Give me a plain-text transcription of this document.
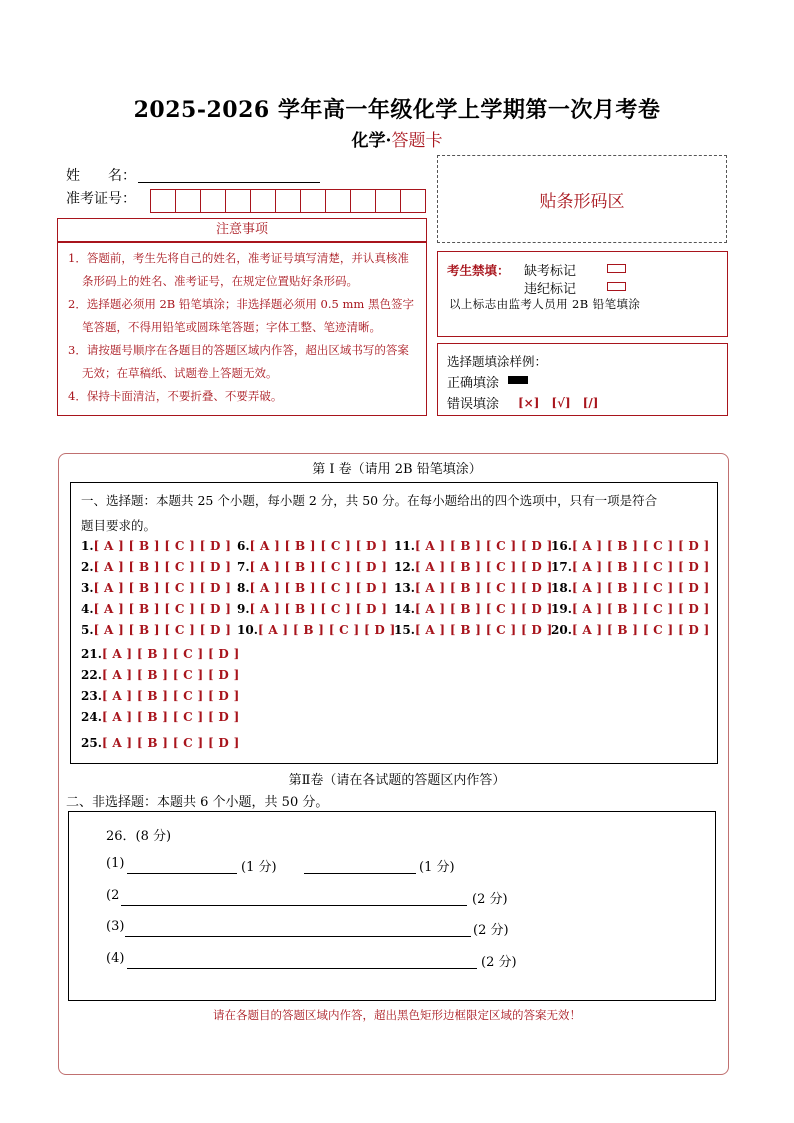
2025-2026 学年高一年级化学上学期第一次月考卷
化学·答题卡
姓　　名：
准考证号：	贴条形码区
注意事项

1．答题前，考生先将自己的姓名，准考证号填写清楚，并认真核准条形码上的姓名、准考证号，在规定位置贴好条形码。

2．选择题必须用 2B 铅笔填涂；非选择题必须用 0.5 mm 黑色签字笔答题，不得用铅笔或圆珠笔答题；字体工整、笔迹清晰。

3．请按题号顺序在各题目的答题区域内作答，超出区域书写的答案无效；在草稿纸、试题卷上答题无效。

4．保持卡面清洁，不要折叠、不要弄破。

考生禁填： 缺考标记
违纪标记
以上标志由监考人员用 2B 铅笔填涂
选择题填涂样例：
正确填涂
错误填涂 [×]　[√]　[/]
第 I 卷（请用 2B 铅笔填涂）
一、选择题：本题共 25 个小题，每小题 2 分，共 50 分。在每小题给出的四个选项中，只有一项是符合
题目要求的。
1.[ A ] [ B ] [ C ] [ D ]
2.[ A ] [ B ] [ C ] [ D ]
3.[ A ] [ B ] [ C ] [ D ]
4.[ A ] [ B ] [ C ] [ D ]
5.[ A ] [ B ] [ C ] [ D ]
6.[ A ] [ B ] [ C ] [ D ]
7.[ A ] [ B ] [ C ] [ D ]
8.[ A ] [ B ] [ C ] [ D ]
9.[ A ] [ B ] [ C ] [ D ]
10.[ A ] [ B ] [ C ] [ D ]
11.[ A ] [ B ] [ C ] [ D ]
12.[ A ] [ B ] [ C ] [ D ]
13.[ A ] [ B ] [ C ] [ D ]
14.[ A ] [ B ] [ C ] [ D ]
15.[ A ] [ B ] [ C ] [ D ]
16.[ A ] [ B ] [ C ] [ D ]
17.[ A ] [ B ] [ C ] [ D ]
18.[ A ] [ B ] [ C ] [ D ]
19.[ A ] [ B ] [ C ] [ D ]
20.[ A ] [ B ] [ C ] [ D ]
21.[ A ] [ B ] [ C ] [ D ]
22.[ A ] [ B ] [ C ] [ D ]
23.[ A ] [ B ] [ C ] [ D ]
24.[ A ] [ B ] [ C ] [ D ]
25.[ A ] [ B ] [ C ] [ D ]
第Ⅱ卷（请在各试题的答题区内作答）
二、非选择题：本题共 6 个小题，共 50 分。
26．(8 分)
(1)	(1 分)	(1 分)
(2	(2 分)
(3)	(2 分)
(4)	(2 分)
请在各题目的答题区域内作答，超出黑色矩形边框限定区域的答案无效！
